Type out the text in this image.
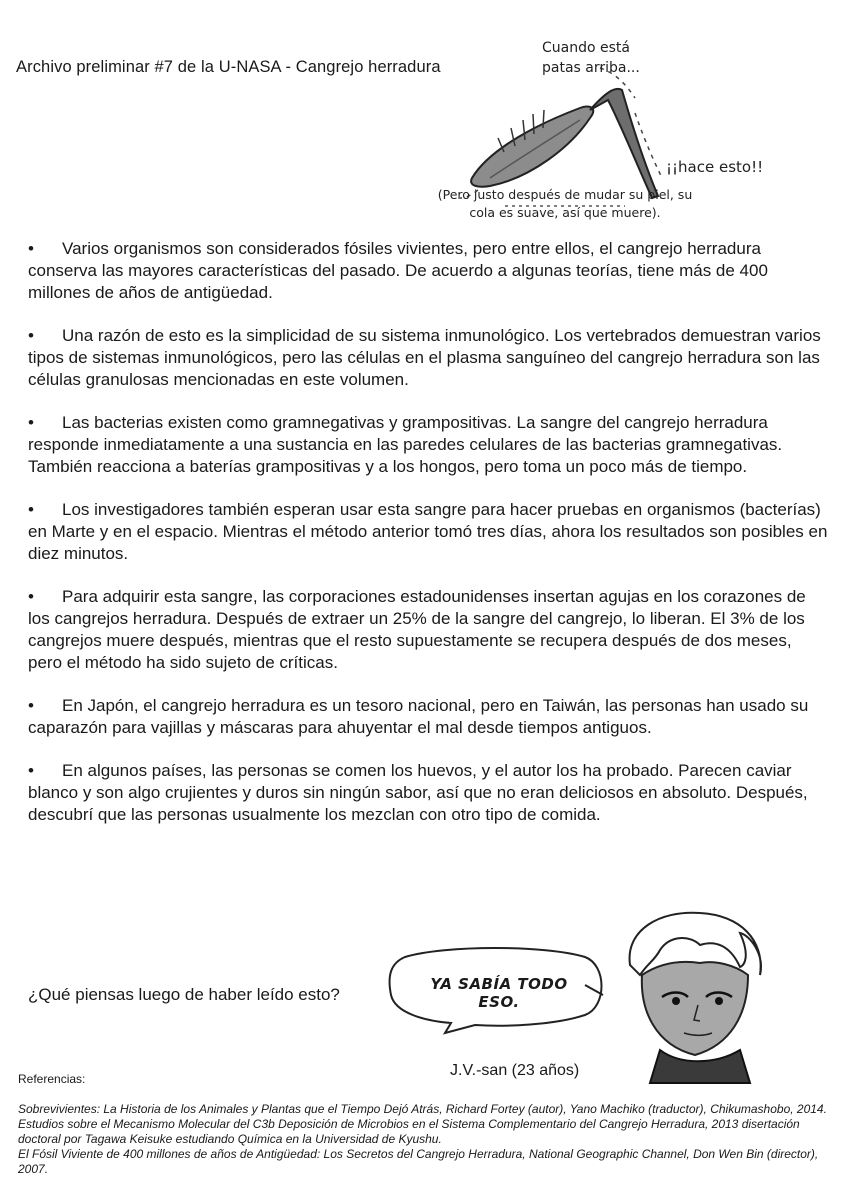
Archivo preliminar #7 de la U-NASA - Cangrejo herradura
Cuando está patas arriba...
¡¡hace esto!!
(Pero justo después de mudar su piel, su cola es suave, así que muere).

• Varios organismos son considerados fósiles vivientes, pero entre ellos, el cangrejo herradura conserva las mayores características del pasado. De acuerdo a algunas teorías, tiene más de 400 millones de años de antigüedad.

• Una razón de esto es la simplicidad de su sistema inmunológico. Los vertebrados demuestran varios tipos de sistemas inmunológicos, pero las células en el plasma sanguíneo del cangrejo herradura son las células granulosas mencionadas en este volumen.

• Las bacterias existen como gramnegativas y grampositivas. La sangre del cangrejo herradura responde inmediatamente a una sustancia en las paredes celulares de las bacterias gramnegativas. También reacciona a baterías grampositivas y a los hongos, pero toma un poco más de tiempo.

• Los investigadores también esperan usar esta sangre para hacer pruebas en organismos (bacterías) en Marte y en el espacio. Mientras el método anterior tomó tres días, ahora los resultados son posibles en diez minutos.

• Para adquirir esta sangre, las corporaciones estadounidenses insertan agujas en los corazones de los cangrejos herradura. Después de extraer un 25% de la sangre del cangrejo, lo liberan. El 3% de los cangrejos muere después, mientras que el resto supuestamente se recupera después de dos meses, pero el método ha sido sujeto de críticas.

• En Japón, el cangrejo herradura es un tesoro nacional, pero en Taiwán, las personas han usado su caparazón para vajillas y máscaras para ahuyentar el mal desde tiempos antiguos.

• En algunos países, las personas se comen los huevos, y el autor los ha probado. Parecen caviar blanco y son algo crujientes y duros sin ningún sabor, así que no eran deliciosos en absoluto. Después, descubrí que las personas usualmente los mezclan con otro tipo de comida.

¿Qué piensas luego de haber leído esto?
YA SABÍA TODO ESO.
J.V.-san (23 años)
Referencias:

Sobrevivientes: La Historia de los Animales y Plantas que el Tiempo Dejó Atrás, Richard Fortey (autor), Yano Machiko (traductor), Chikumashobo, 2014.

Estudios sobre el Mecanismo Molecular del C3b Deposición de Microbios en el Sistema Complementario del Cangrejo Herradura, 2013 disertación doctoral por Tagawa Keisuke estudiando Química en la Universidad de Kyushu.

El Fósil Viviente de 400 millones de años de Antigüedad: Los Secretos del Cangrejo Herradura, National Geographic Channel, Don Wen Bin (director), 2007.
